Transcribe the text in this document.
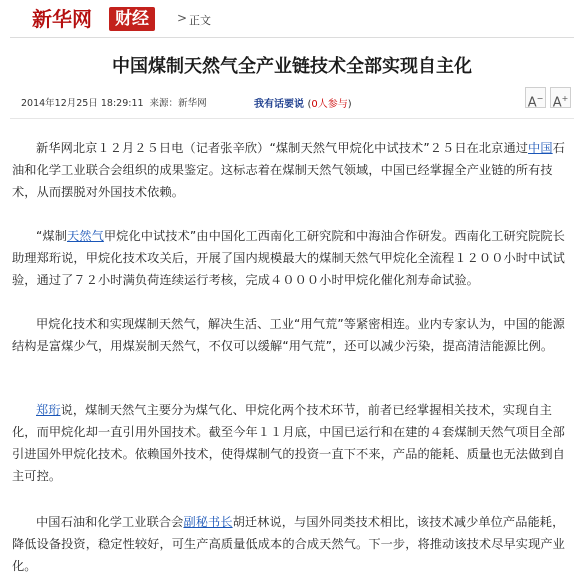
新华网	财经	> 正文
中国煤制天然气全产业链技术全部实现自主化
2014年12月25日 18:29:11 来源：新华网	我有话要说 (0人参与)	A− A+

新华网北京１２月２５日电（记者张辛欣）“煤制天然气甲烷化中试技术”２５日在北京通过中国石油和化学工业联合会组织的成果鉴定。这标志着在煤制天然气领域，中国已经掌握全产业链的所有技术，从而摆脱对外国技术依赖。

“煤制天然气甲烷化中试技术”由中国化工西南化工研究院和中海油合作研发。西南化工研究院院长助理郑珩说，甲烷化技术攻关后，开展了国内规模最大的煤制天然气甲烷化全流程１２００小时中试试验，通过了７２小时满负荷连续运行考核，完成４０００小时甲烷化催化剂寿命试验。

甲烷化技术和实现煤制天然气，解决生活、工业“用气荒”等紧密相连。业内专家认为，中国的能源结构是富煤少气，用煤炭制天然气，不仅可以缓解“用气荒”，还可以减少污染，提高清洁能源比例。

郑珩说，煤制天然气主要分为煤气化、甲烷化两个技术环节，前者已经掌握相关技术，实现自主化，而甲烷化却一直引用外国技术。截至今年１１月底，中国已运行和在建的４套煤制天然气项目全部引进国外甲烷化技术。依赖国外技术，使得煤制气的投资一直下不来，产品的能耗、质量也无法做到自主可控。

中国石油和化学工业联合会副秘书长胡迁林说，与国外同类技术相比，该技术减少单位产品能耗，降低设备投资，稳定性较好，可生产高质量低成本的合成天然气。下一步，将推动该技术尽早实现产业化。
